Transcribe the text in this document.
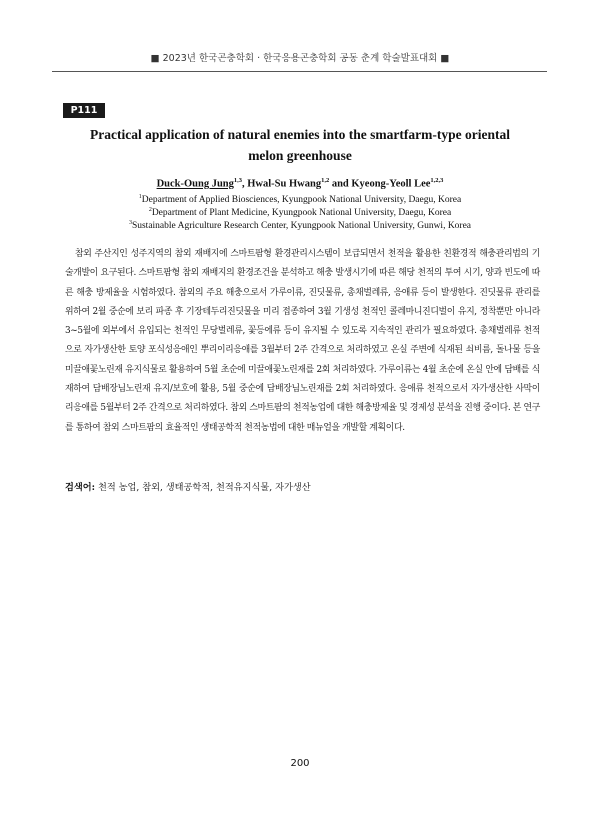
■ 2023년 한국곤충학회 · 한국응용곤충학회 공동 춘계 학술발표대회 ■
P111
Practical application of natural enemies into the smartfarm-type oriental
melon greenhouse
Duck-Oung Jung$^{1,3}$, Hwal-Su Hwang$^{1,2}$ and Kyeong-Yeoll Lee$^{1,2,3}$
$^1$Department of Applied Biosciences, Kyungpook National University, Daegu, Korea
$^2$Department of Plant Medicine, Kyungpook National University, Daegu, Korea
$^3$Sustainable Agriculture Research Center, Kyungpook National University, Gunwi, Korea

참외 주산지인 성주지역의 참외 재배지에 스마트팜형 환경관리시스템이 보급되면서 천적을 활용한 친환경적 해충관리법의 기술개발이 요구된다. 스마트팜형 참외 재배지의 환경조건을 분석하고 해충 발생시기에 따른 해당 천적의 투여 시기, 양과 빈도에 따른 해충 방제율을 시험하였다. 참외의 주요 해충으로서 가루이류, 진딧물류, 총채벌레류, 응애류 등이 발생한다. 진딧물류 관리를 위하여 2월 중순에 보리 파종 후 기장테두리진딧물을 미리 접종하여 3월 기생성 천적인 콜레마니진디벌이 유지, 정착뿐만 아니라 3~5월에 외부에서 유입되는 천적인 무당벌레류, 꽃등에류 등이 유지될 수 있도록 지속적인 관리가 필요하였다. 총채벌레류 천적으로 자가생산한 토양 포식성응애인 뿌리이리응애를 3월부터 2주 간격으로 처리하였고 온실 주변에 식재된 쇠비름, 돌나물 등을 미끌애꽃노린재 유지식물로 활용하여 5월 초순에 미끌애꽃노린재를 2회 처리하였다. 가루이류는 4월 초순에 온실 안에 담배를 식재하여 담배장님노린재 유지/보호에 활용, 5월 중순에 담배장님노린재를 2회 처리하였다. 응애류 천적으로서 자가생산한 사막이리응애를 5월부터 2주 간격으로 처리하였다. 참외 스마트팜의 천적농업에 대한 해충방제율 및 경제성 분석을 진행 중이다. 본 연구를 통하여 참외 스마트팜의 효율적인 생태공학적 천적농법에 대한 매뉴얼을 개발할 계획이다.

검색어: 천적 농업, 참외, 생태공학적, 천적유지식물, 자가생산
200
